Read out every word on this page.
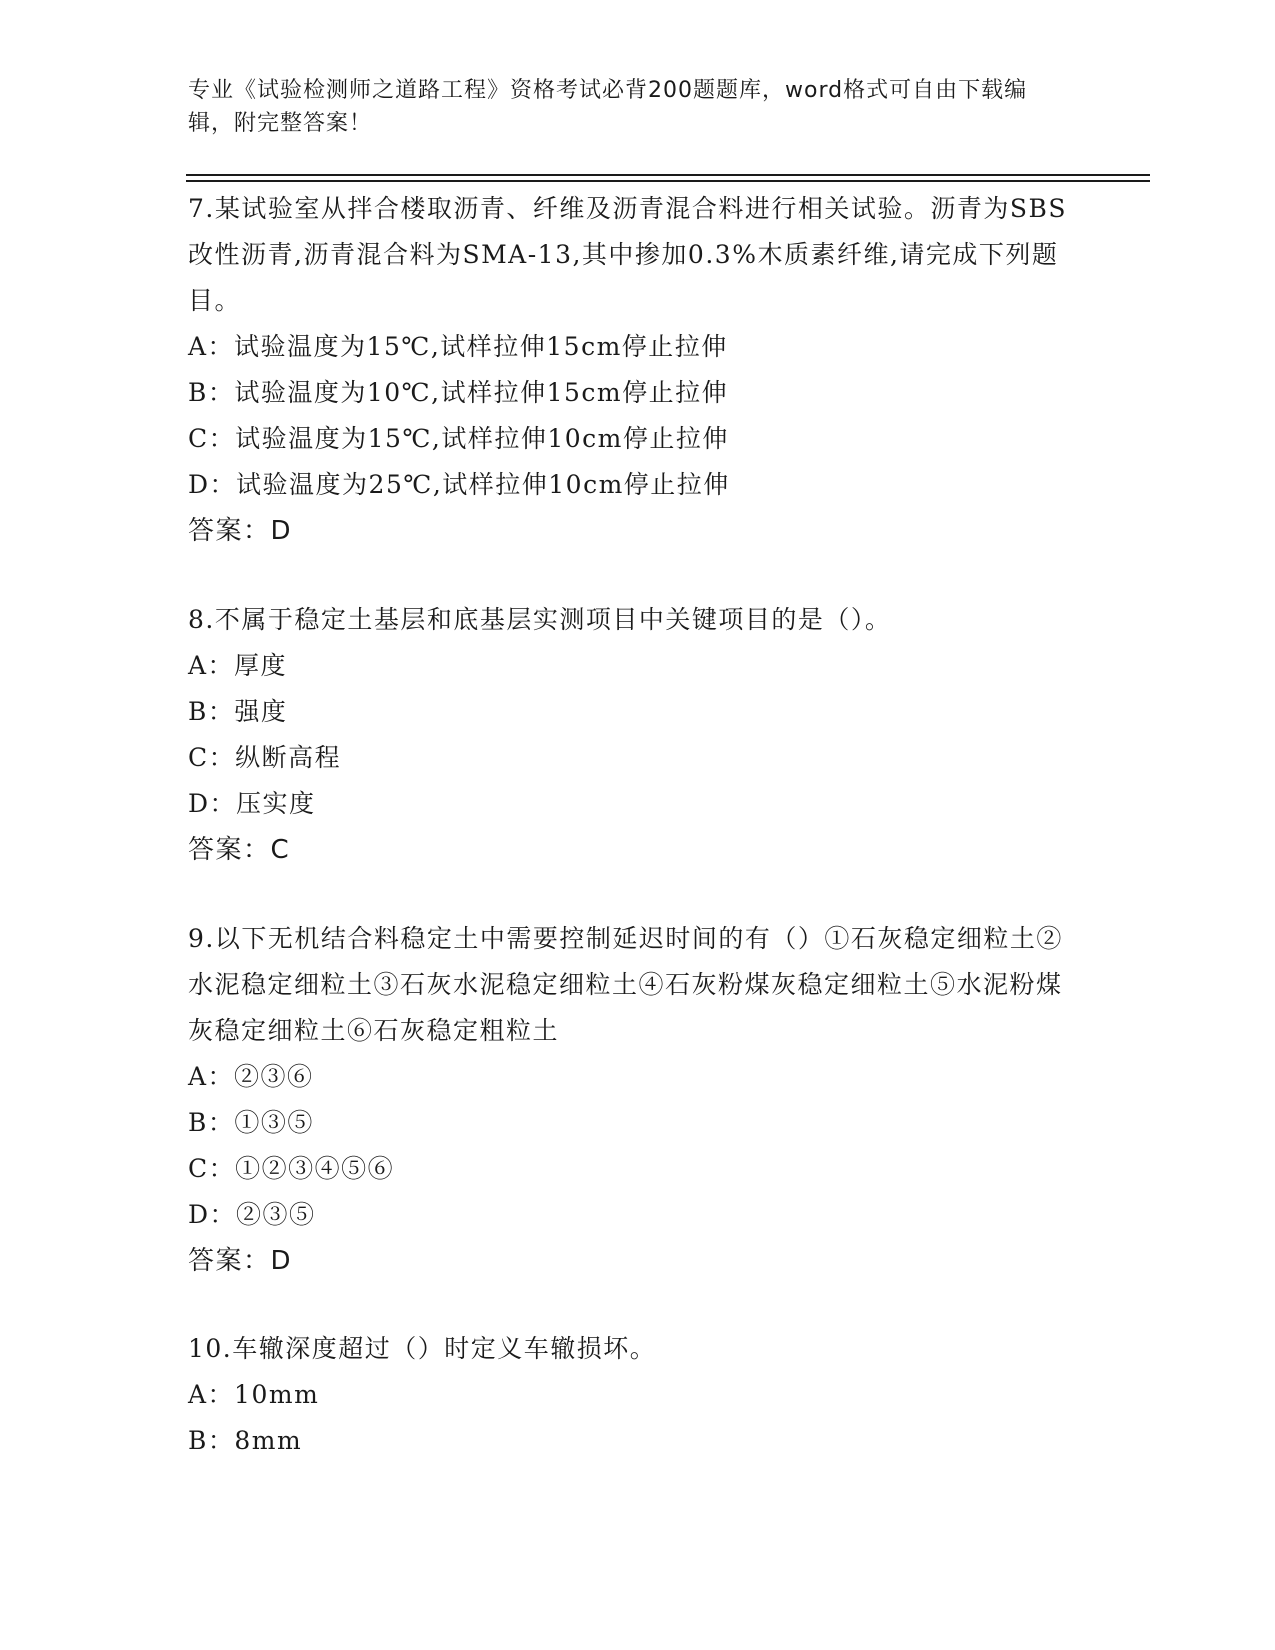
专业《试验检测师之道路工程》资格考试必背200题题库，word格式可自由下载编辑，附完整答案！
7.某试验室从拌合楼取沥青、纤维及沥青混合料进行相关试验。沥青为SBS改性沥青,沥青混合料为SMA-13,其中掺加0.3%木质素纤维,请完成下列题目。
A：试验温度为15℃,试样拉伸15cm停止拉伸
B：试验温度为10℃,试样拉伸15cm停止拉伸
C：试验温度为15℃,试样拉伸10cm停止拉伸
D：试验温度为25℃,试样拉伸10cm停止拉伸
答案：D
8.不属于稳定土基层和底基层实测项目中关键项目的是（）。
A：厚度
B：强度
C：纵断高程
D：压实度
答案：C
9.以下无机结合料稳定土中需要控制延迟时间的有（）①石灰稳定细粒土②水泥稳定细粒土③石灰水泥稳定细粒土④石灰粉煤灰稳定细粒土⑤水泥粉煤灰稳定细粒土⑥石灰稳定粗粒土
A：②③⑥
B：①③⑤
C：①②③④⑤⑥
D：②③⑤
答案：D
10.车辙深度超过（）时定义车辙损坏。
A：10mm
B：8mm
